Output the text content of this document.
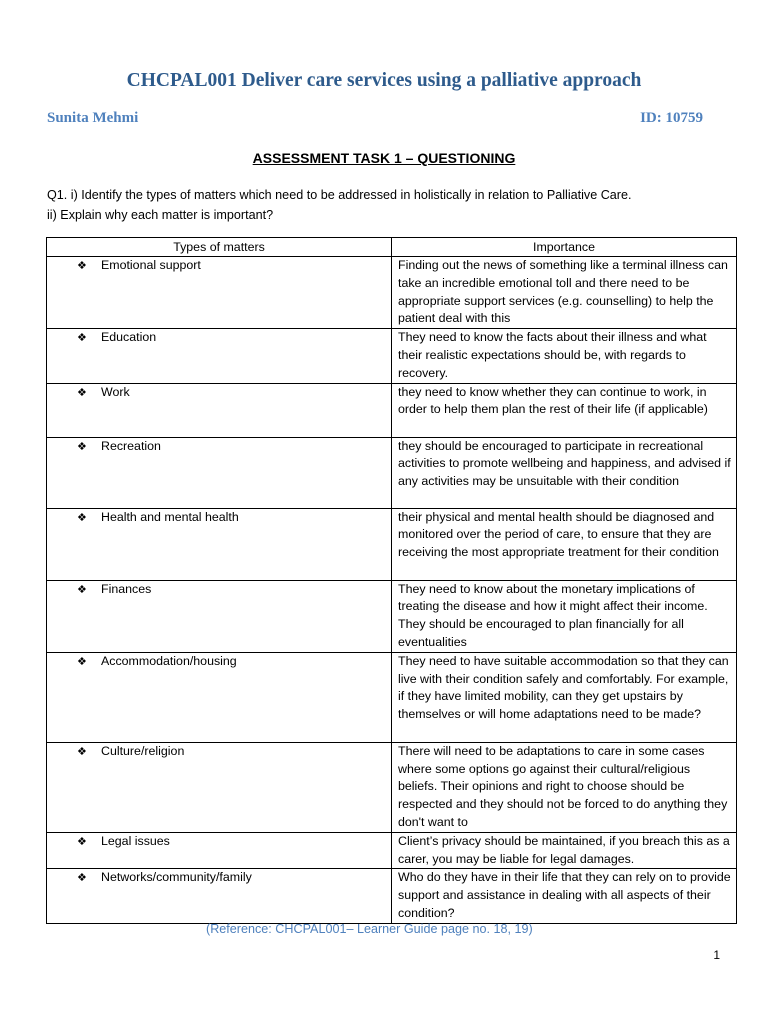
CHCPAL001 Deliver care services using a palliative approach
Sunita Mehmi	ID: 10759
ASSESSMENT TASK 1 – QUESTIONING

Q1. i) Identify the types of matters which need to be addressed in holistically in relation to Palliative Care.

ii) Explain why each matter is important?

Types of matters	Importance
❖ Emotional support	Finding out the news of something like a terminal illness can take an incredible emotional toll and there need to be appropriate support services (e.g. counselling) to help the patient deal with this
❖ Education	They need to know the facts about their illness and what their realistic expectations should be, with regards to recovery.
❖ Work	they need to know whether they can continue to work, in order to help them plan the rest of their life (if applicable)
❖ Recreation	they should be encouraged to participate in recreational activities to promote wellbeing and happiness, and advised if any activities may be unsuitable with their condition
❖ Health and mental health	their physical and mental health should be diagnosed and monitored over the period of care, to ensure that they are receiving the most appropriate treatment for their condition
❖ Finances	They need to know about the monetary implications of treating the disease and how it might affect their income. They should be encouraged to plan financially for all eventualities
❖ Accommodation/housing	They need to have suitable accommodation so that they can live with their condition safely and comfortably. For example, if they have limited mobility, can they get upstairs by themselves or will home adaptations need to be made?
❖ Culture/religion	There will need to be adaptations to care in some cases where some options go against their cultural/religious beliefs. Their opinions and right to choose should be respected and they should not be forced to do anything they don't want to
❖ Legal issues	Client’s privacy should be maintained, if you breach this as a carer, you may be liable for legal damages.
❖ Networks/community/family	Who do they have in their life that they can rely on to provide support and assistance in dealing with all aspects of their condition?
(Reference: CHCPAL001– Learner Guide page no. 18, 19)
1
